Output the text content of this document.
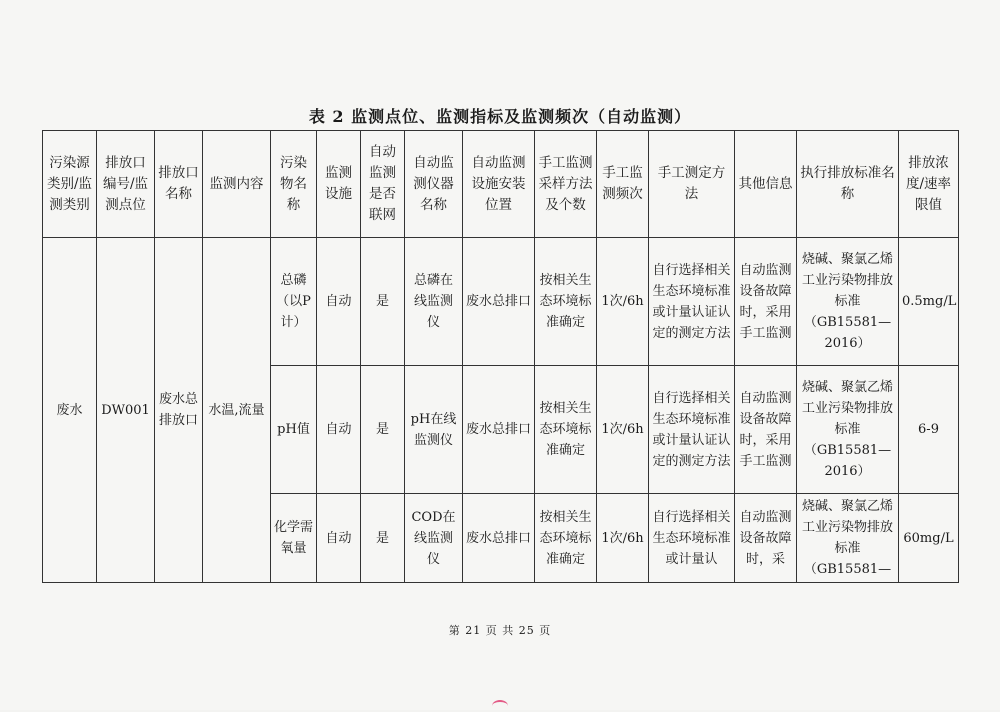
表 2 监测点位、监测指标及监测频次（自动监测）
污染源类别/监测类别	排放口编号/监测点位	排放口名称	监测内容	污染物名称	监测设施	自动监测是否联网	自动监测仪器名称	自动监测设施安装位置	手工监测采样方法及个数	手工监测频次	手工测定方法	其他信息	执行排放标准名称	排放浓度/速率限值
废水	DW001	废水总排放口	水温,流量	总磷（以P计）	自动	是	总磷在线监测仪	废水总排口	按相关生态环境标准确定	1次/6h	自行选择相关生态环境标准或计量认证认定的测定方法	自动监测设备故障时，采用手工监测	烧碱、聚氯乙烯工业污染物排放标准（GB15581—2016）	0.5mg/L
				pH值	自动	是	pH在线监测仪	废水总排口	按相关生态环境标准确定	1次/6h	自行选择相关生态环境标准或计量认证认定的测定方法	自动监测设备故障时，采用手工监测	烧碱、聚氯乙烯工业污染物排放标准（GB15581—2016）	6-9
				化学需氧量	自动	是	COD在线监测仪	废水总排口	按相关生态环境标准确定	1次/6h	自行选择相关生态环境标准或计量认	自动监测设备故障时，采	烧碱、聚氯乙烯工业污染物排放标准（GB15581—	60mg/L
第 21 页 共 25 页
